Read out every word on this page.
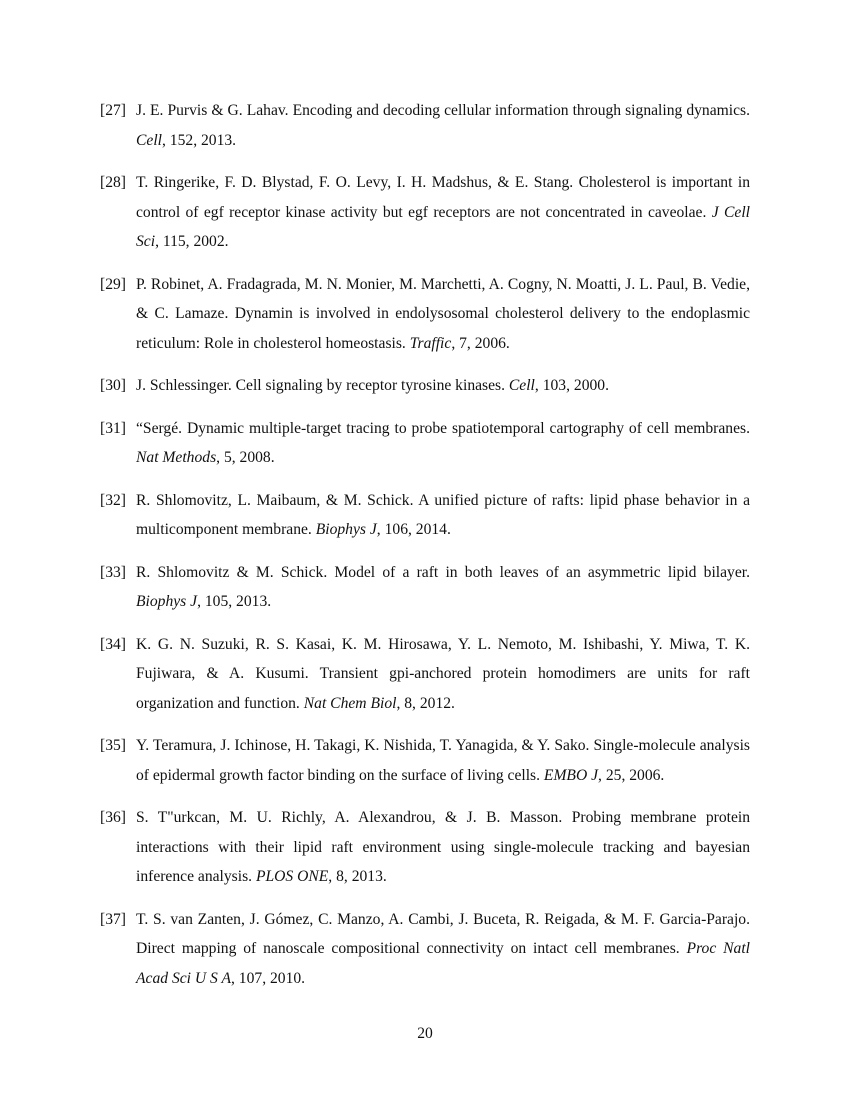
[27] J. E. Purvis & G. Lahav. Encoding and decoding cellular information through signaling dynamics. Cell, 152, 2013.
[28] T. Ringerike, F. D. Blystad, F. O. Levy, I. H. Madshus, & E. Stang. Cholesterol is important in control of egf receptor kinase activity but egf receptors are not concentrated in caveolae. J Cell Sci, 115, 2002.
[29] P. Robinet, A. Fradagrada, M. N. Monier, M. Marchetti, A. Cogny, N. Moatti, J. L. Paul, B. Vedie, & C. Lamaze. Dynamin is involved in endolysosomal cholesterol delivery to the endoplasmic reticulum: Role in cholesterol homeostasis. Traffic, 7, 2006.
[30] J. Schlessinger. Cell signaling by receptor tyrosine kinases. Cell, 103, 2000.
[31] “Sergé. Dynamic multiple-target tracing to probe spatiotemporal cartography of cell membranes. Nat Methods, 5, 2008.
[32] R. Shlomovitz, L. Maibaum, & M. Schick. A unified picture of rafts: lipid phase behavior in a multicomponent membrane. Biophys J, 106, 2014.
[33] R. Shlomovitz & M. Schick. Model of a raft in both leaves of an asymmetric lipid bilayer. Biophys J, 105, 2013.
[34] K. G. N. Suzuki, R. S. Kasai, K. M. Hirosawa, Y. L. Nemoto, M. Ishibashi, Y. Miwa, T. K. Fujiwara, & A. Kusumi. Transient gpi-anchored protein homodimers are units for raft organization and function. Nat Chem Biol, 8, 2012.
[35] Y. Teramura, J. Ichinose, H. Takagi, K. Nishida, T. Yanagida, & Y. Sako. Single-molecule analysis of epidermal growth factor binding on the surface of living cells. EMBO J, 25, 2006.
[36] S. T"urkcan, M. U. Richly, A. Alexandrou, & J. B. Masson. Probing membrane protein interactions with their lipid raft environment using single-molecule tracking and bayesian inference analysis. PLOS ONE, 8, 2013.
[37] T. S. van Zanten, J. Gómez, C. Manzo, A. Cambi, J. Buceta, R. Reigada, & M. F. Garcia-Parajo. Direct mapping of nanoscale compositional connectivity on intact cell membranes. Proc Natl Acad Sci U S A, 107, 2010.
20
